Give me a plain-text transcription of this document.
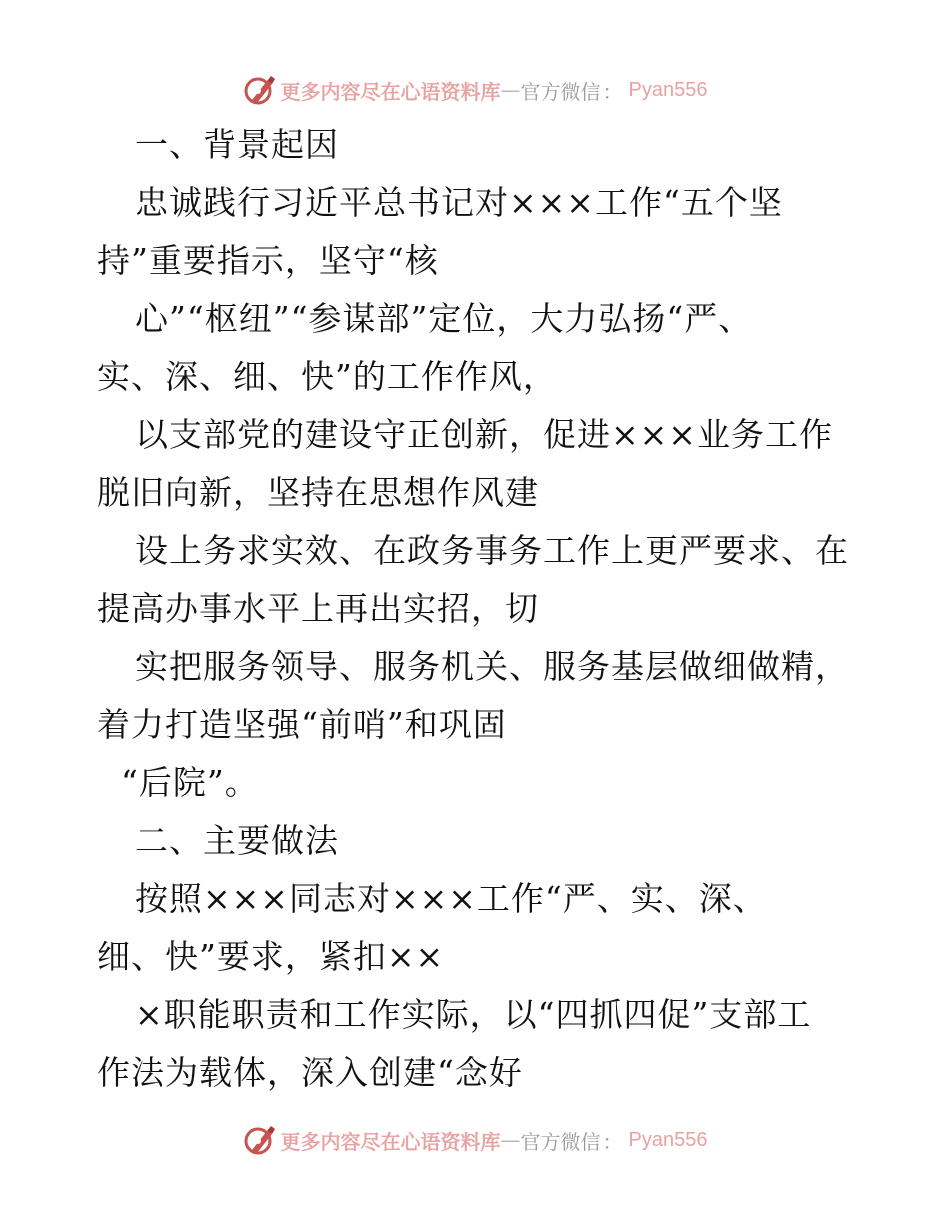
更多内容尽在心语资料库 — 官方微信 ： Pyan556
一、背景起因
忠诚践行习近平总书记对×××工作“五个坚
持”重要指示，坚守“核
心”“枢纽”“参谋部”定位，大力弘扬“严、
实、深、细、快”的工作作风，
以支部党的建设守正创新，促进×××业务工作
脱旧向新，坚持在思想作风建
设上务求实效、在政务事务工作上更严要求、在
提高办事水平上再出实招，切
实把服务领导、服务机关、服务基层做细做精，
着力打造坚强“前哨”和巩固
“后院”。
二、主要做法
按照×××同志对×××工作“严、实、深、
细、快”要求，紧扣××
×职能职责和工作实际，以“四抓四促”支部工
作法为载体，深入创建“念好
更多内容尽在心语资料库 — 官方微信 ： Pyan556
